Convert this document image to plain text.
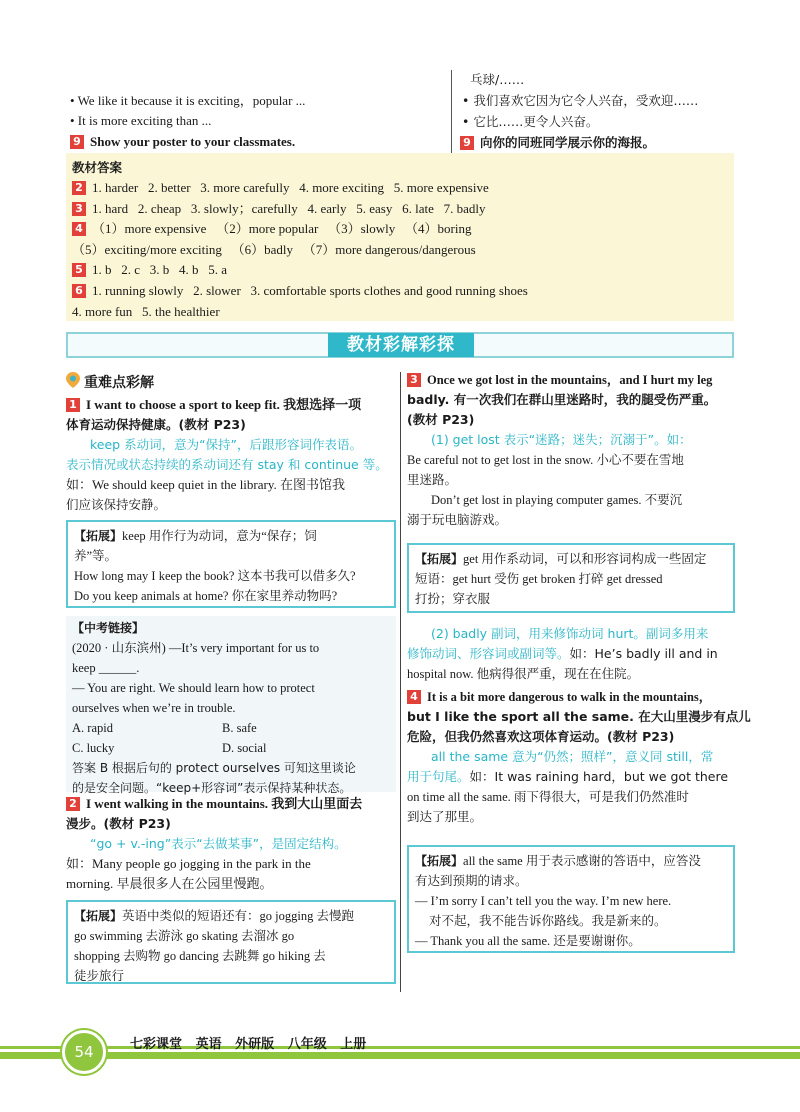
• We like it because it is exciting，popular ...
• It is more exciting than ...
9 Show your poster to your classmates.
乓球/……
• 我们喜欢它因为它令人兴奋，受欢迎……
• 它比……更令人兴奋。
9 向你的同班同学展示你的海报。
教材答案
2 1. harder   2. better   3. more carefully   4. more exciting   5. more expensive
3 1. hard   2. cheap   3. slowly；carefully   4. early   5. easy   6. late   7. badly
4 （1）more expensive   （2）more popular   （3）slowly   （4）boring
（5）exciting/more exciting   （6）badly   （7）more dangerous/dangerous
5 1. b   2. c   3. b   4. b   5. a
6 1. running slowly   2. slower   3. comfortable sports clothes and good running shoes
4. more fun   5. the healthier
教材彩解彩探
重难点彩解
1 I want to choose a sport to keep fit. 我想选择一项
体育运动保持健康。(教材 P23)
keep 系动词，意为“保持”，后跟形容词作表语。
表示情况或状态持续的系动词还有 stay 和 continue 等。
如：We should keep quiet in the library. 在图书馆我
们应该保持安静。
【拓展】keep 用作行为动词，意为“保存；饲
养”等。
How long may I keep the book? 这本书我可以借多久?
Do you keep animals at home? 你在家里养动物吗?
【中考链接】
(2020 · 山东滨州) —It’s very important for us to
keep ______.
— You are right. We should learn how to protect
ourselves when we’re in trouble.
A. rapid	B. safe
C. lucky	D. social
答案 B 根据后句的 protect ourselves 可知这里谈论
的是安全问题。“keep+形容词”表示保持某种状态。
2 I went walking in the mountains. 我到大山里面去
漫步。(教材 P23)
“go + v.-ing”表示“去做某事”，是固定结构。
如：Many people go jogging in the park in the
morning. 早晨很多人在公园里慢跑。
【拓展】英语中类似的短语还有：go jogging 去慢跑
go swimming 去游泳 go skating 去溜冰 go
shopping 去购物 go dancing 去跳舞 go hiking 去
徒步旅行
3 Once we got lost in the mountains，and I hurt my leg
badly. 有一次我们在群山里迷路时，我的腿受伤严重。
(教材 P23)
(1) get lost 表示“迷路；迷失；沉溺于”。如：
Be careful not to get lost in the snow. 小心不要在雪地
里迷路。
Don’t get lost in playing computer games. 不要沉
溺于玩电脑游戏。
【拓展】get 用作系动词，可以和形容词构成一些固定
短语：get hurt 受伤 get broken 打碎 get dressed
打扮；穿衣服
(2) badly 副词，用来修饰动词 hurt。副词多用来
修饰动词、形容词或副词等。如：He’s badly ill and in
hospital now. 他病得很严重，现在在住院。
4 It is a bit more dangerous to walk in the mountains，
but I like the sport all the same. 在大山里漫步有点儿
危险，但我仍然喜欢这项体育运动。(教材 P23)
all the same 意为“仍然；照样”，意义同 still，常
用于句尾。如：It was raining hard，but we got there
on time all the same. 雨下得很大，可是我们仍然准时
到达了那里。
【拓展】all the same 用于表示感谢的答语中，应答没
有达到预期的请求。
— I’m sorry I can’t tell you the way. I’m new here.
对不起，我不能告诉你路线。我是新来的。
— Thank you all the same. 还是要谢谢你。
54	七彩课堂   英语   外研版   八年级   上册
